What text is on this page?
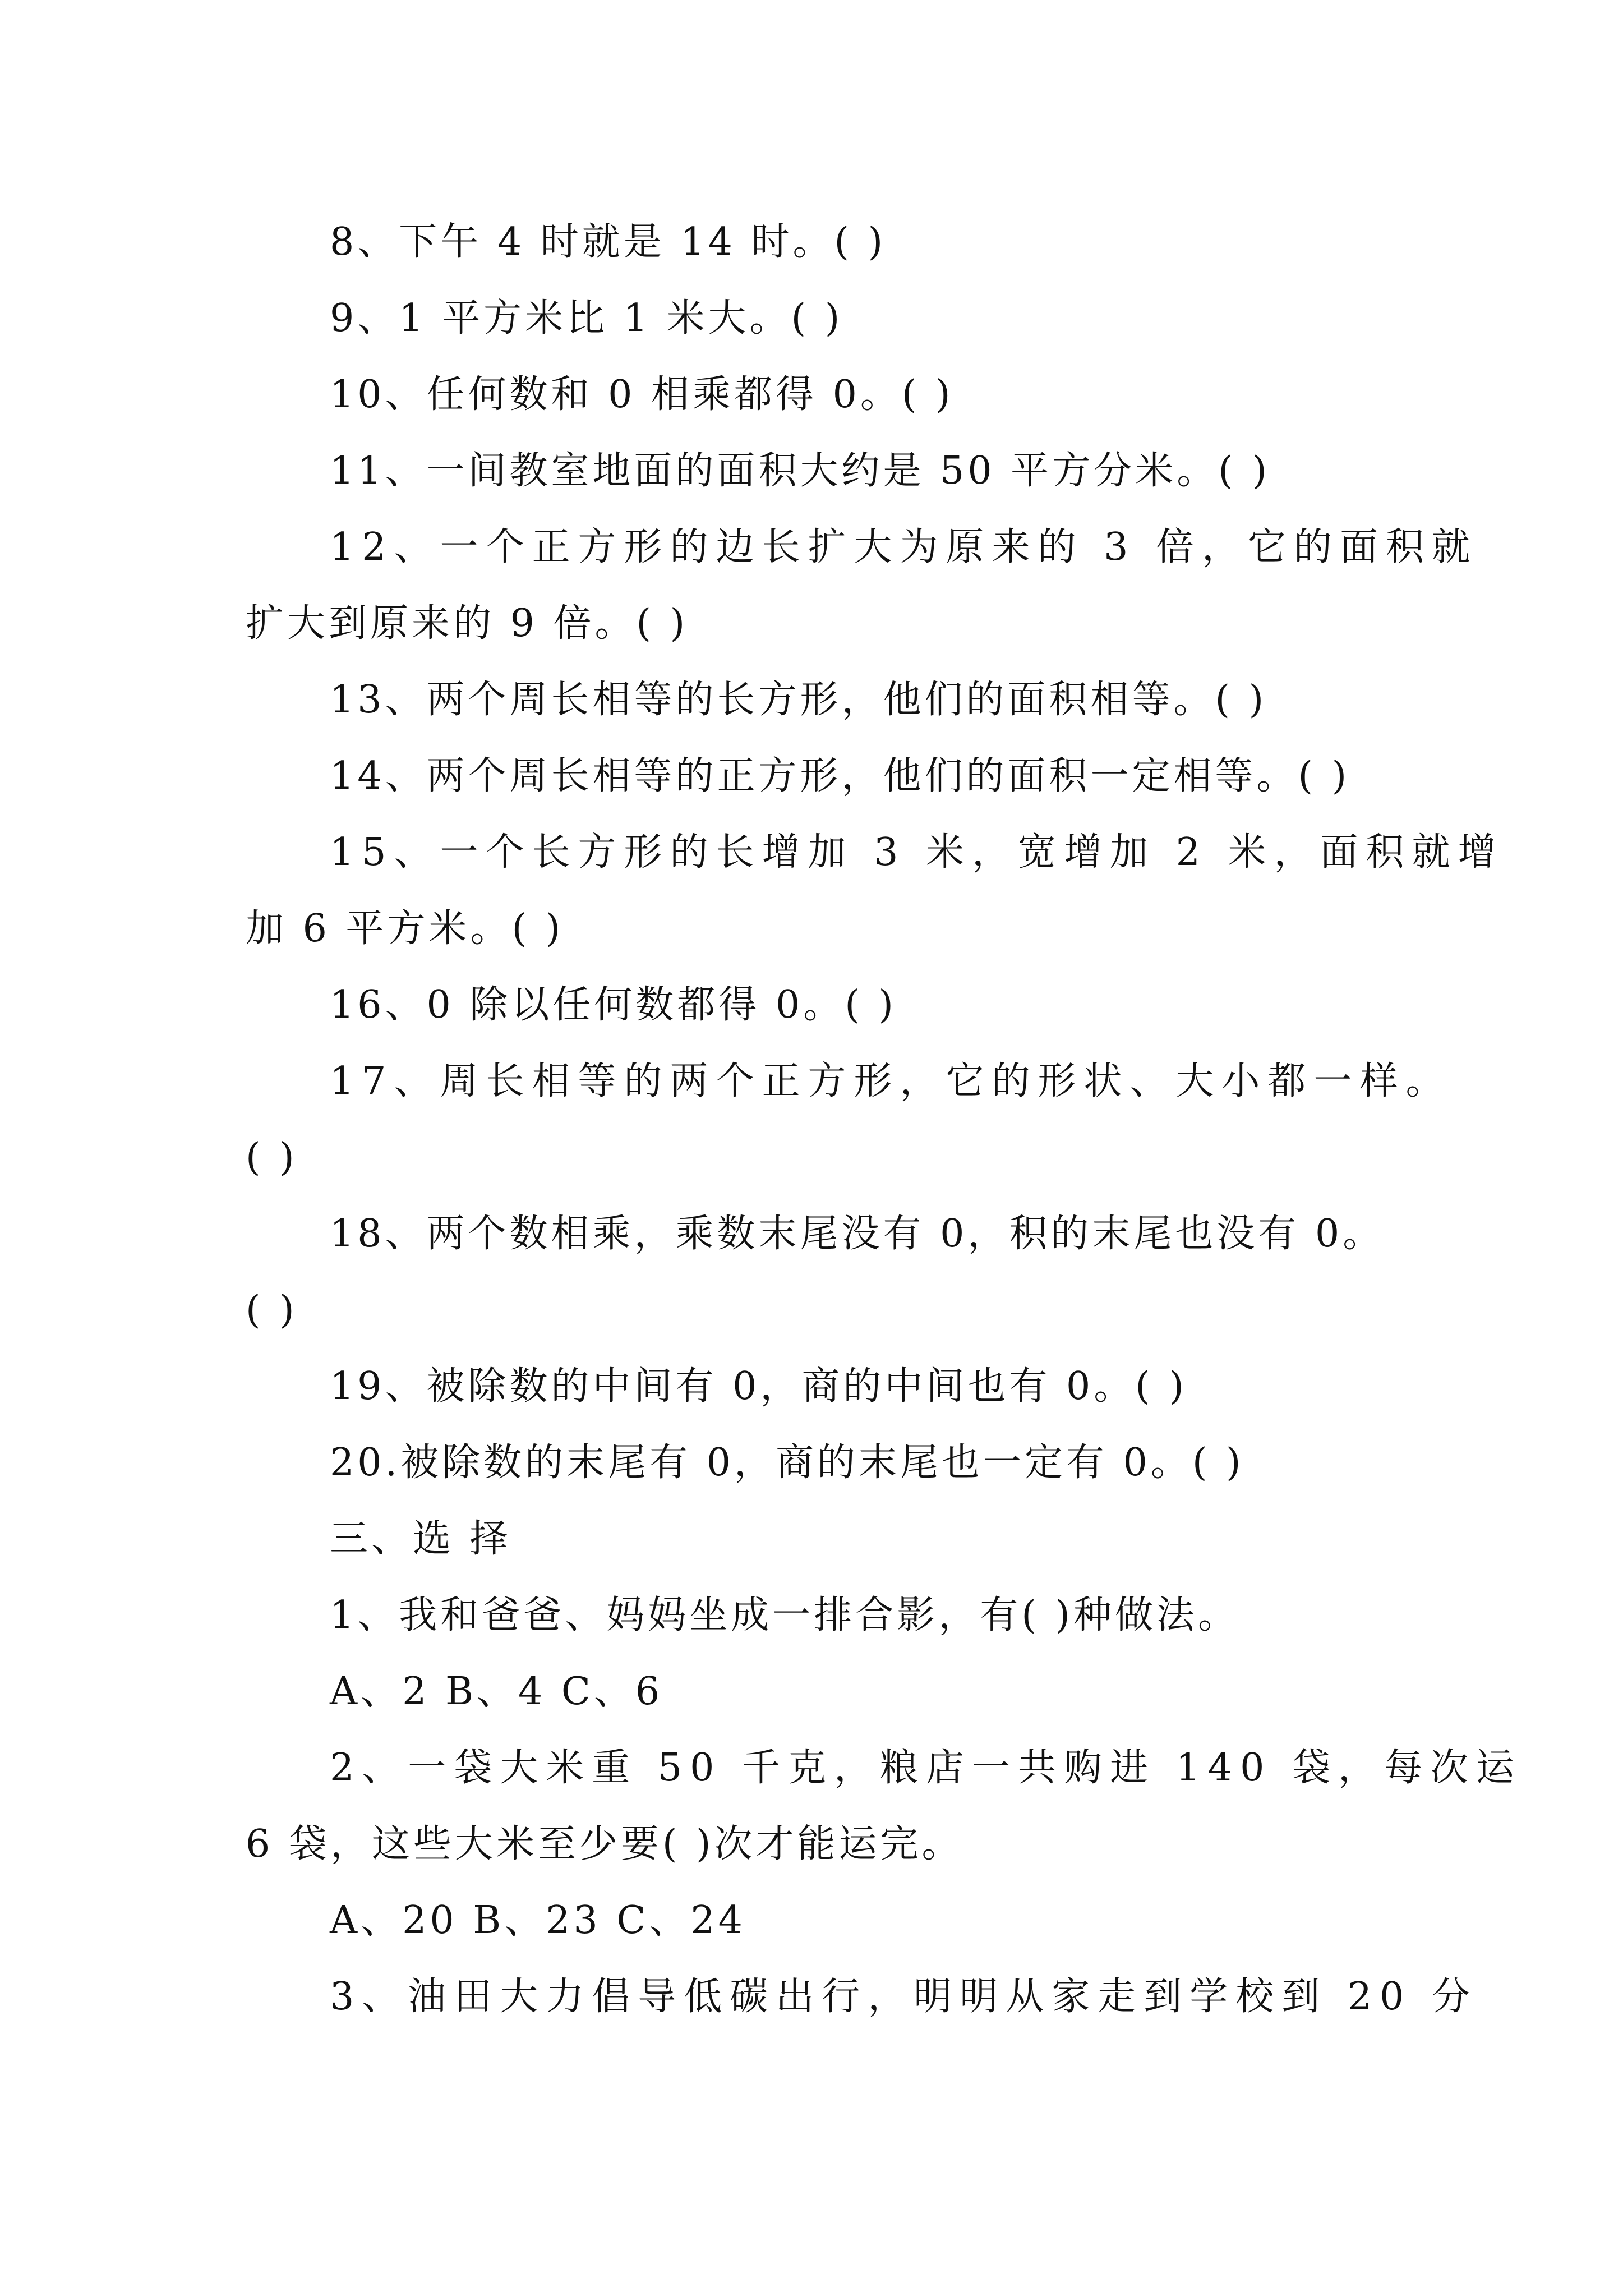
8、下午 4 时就是 14 时。( )
9、1 平方米比 1 米大。( )
10、任何数和 0 相乘都得 0。( )
11、一间教室地面的面积大约是 50 平方分米。( )
12、一个正方形的边长扩大为原来的 3 倍，它的面积就
扩大到原来的 9 倍。( )
13、两个周长相等的长方形，他们的面积相等。( )
14、两个周长相等的正方形，他们的面积一定相等。( )
15、一个长方形的长增加 3 米，宽增加 2 米，面积就增
加 6 平方米。( )
16、0 除以任何数都得 0。( )
17、周长相等的两个正方形，它的形状、大小都一样。
( )
18、两个数相乘，乘数末尾没有 0，积的末尾也没有 0。
( )
19、被除数的中间有 0，商的中间也有 0。( )
20.被除数的末尾有 0，商的末尾也一定有 0。( )
三、选 择
1、我和爸爸、妈妈坐成一排合影，有( )种做法。
A、2 B、4 C、6
2、一袋大米重 50 千克，粮店一共购进 140 袋，每次运
6 袋，这些大米至少要( )次才能运完。
A、20 B、23 C、24
3、油田大力倡导低碳出行，明明从家走到学校到 20 分
